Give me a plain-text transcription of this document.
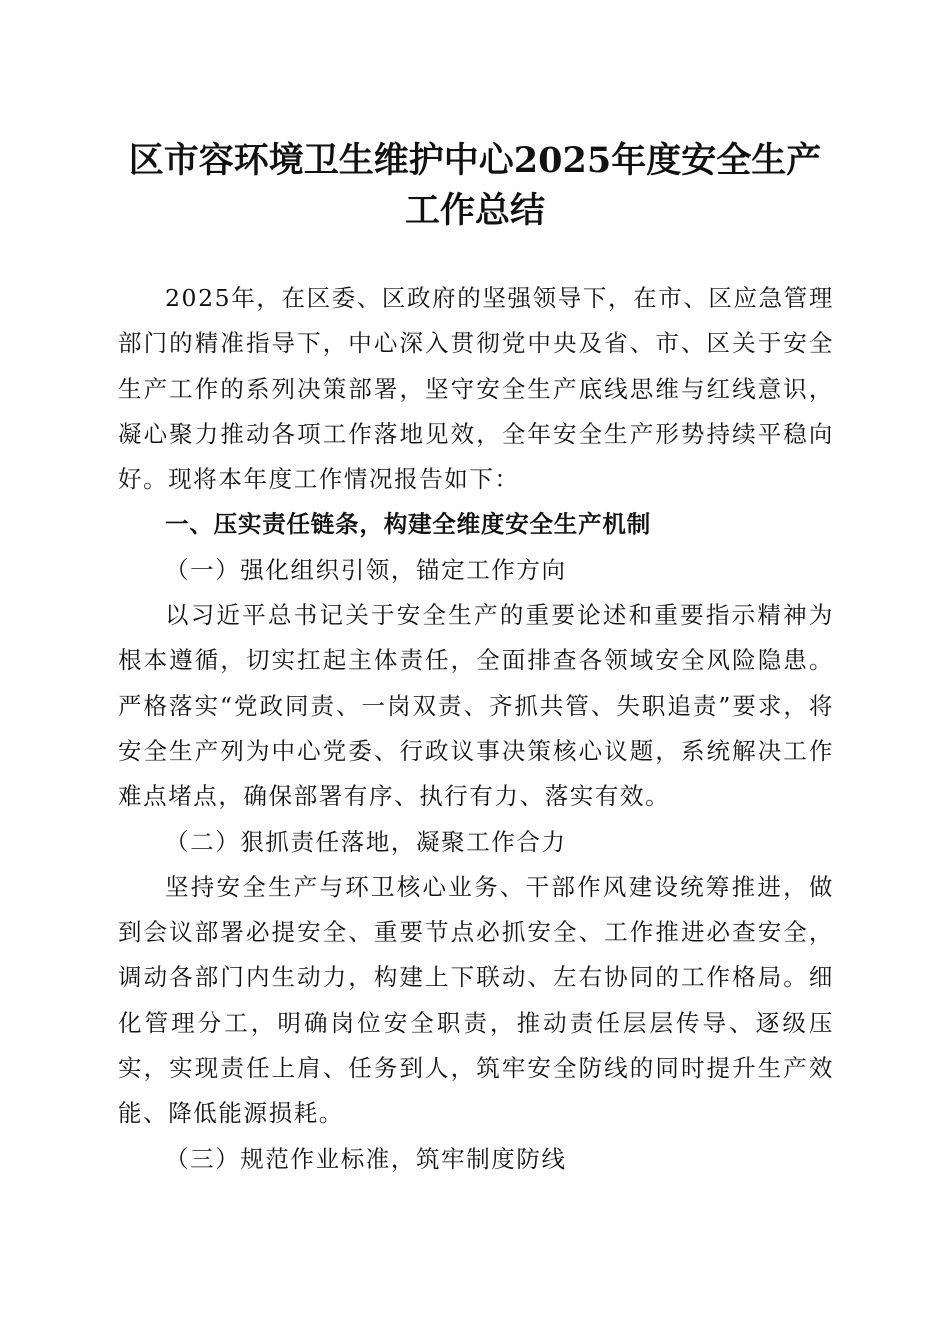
区市容环境卫生维护中心2025年度安全生产
工作总结

2025年，在区委、区政府的坚强领导下，在市、区应急管理部门的精准指导下，中心深入贯彻党中央及省、市、区关于安全生产工作的系列决策部署，坚守安全生产底线思维与红线意识，凝心聚力推动各项工作落地见效，全年安全生产形势持续平稳向好。现将本年度工作情况报告如下：

一、压实责任链条，构建全维度安全生产机制

（一）强化组织引领，锚定工作方向

以习近平总书记关于安全生产的重要论述和重要指示精神为根本遵循，切实扛起主体责任，全面排查各领域安全风险隐患。严格落实“党政同责、一岗双责、齐抓共管、失职追责”要求，将安全生产列为中心党委、行政议事决策核心议题，系统解决工作难点堵点，确保部署有序、执行有力、落实有效。

（二）狠抓责任落地，凝聚工作合力

坚持安全生产与环卫核心业务、干部作风建设统筹推进，做到会议部署必提安全、重要节点必抓安全、工作推进必查安全，调动各部门内生动力，构建上下联动、左右协同的工作格局。细化管理分工，明确岗位安全职责，推动责任层层传导、逐级压实，实现责任上肩、任务到人，筑牢安全防线的同时提升生产效能、降低能源损耗。

（三）规范作业标准，筑牢制度防线
